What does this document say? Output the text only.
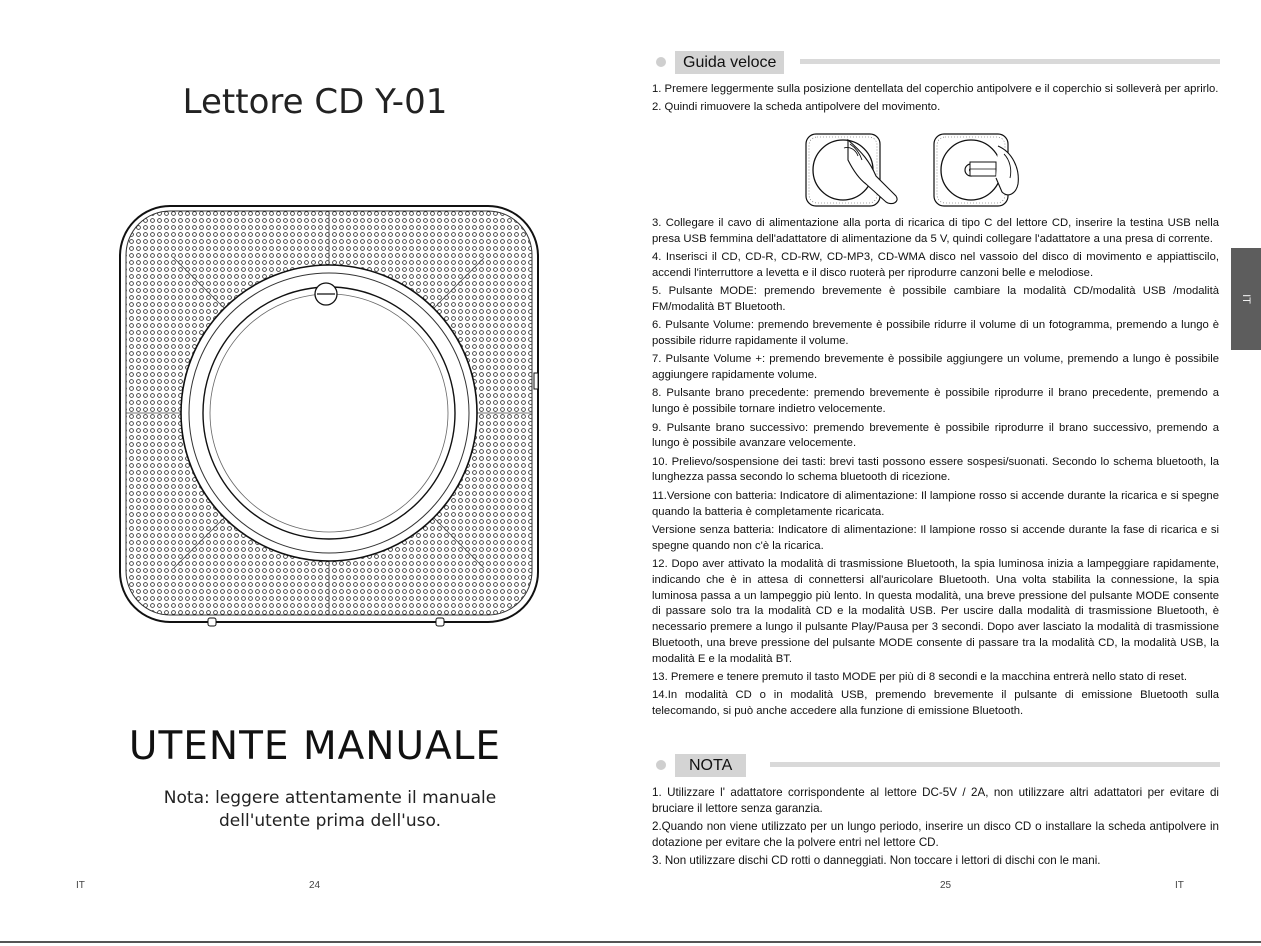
Lettore CD Y-01
UTENTE MANUALE
Nota: leggere attentamente il manuale
dell'utente prima dell'uso.
IT	24
Guida veloce

1. Premere leggermente sulla posizione dentellata del coperchio antipolvere e il coperchio si solleverà per aprirlo.

2. Quindi rimuovere la scheda antipolvere del movimento.

3. Collegare il cavo di alimentazione alla porta di ricarica di tipo C del lettore CD, inserire la testina USB nella presa USB femmina dell'adattatore di alimentazione da 5 V, quindi collegare l'adattatore a una presa di corrente.

4. Inserisci il CD, CD-R, CD-RW, CD-MP3, CD-WMA disco nel vassoio del disco di movimento e appiattiscilo, accendi l'interruttore a levetta e il disco ruoterà per riprodurre canzoni belle e melodiose.

5. Pulsante MODE: premendo brevemente è possibile cambiare la modalità CD/modalità USB /modalità FM/modalità BT Bluetooth.

6. Pulsante Volume: premendo brevemente è possibile ridurre il volume di un fotogramma, premendo a lungo è possibile ridurre rapidamente il volume.

7. Pulsante Volume +: premendo brevemente è possibile aggiungere un volume, premendo a lungo è possibile aggiungere rapidamente volume.

8. Pulsante brano precedente: premendo brevemente è possibile riprodurre il brano precedente, premendo a lungo è possibile tornare indietro velocemente.

9. Pulsante brano successivo: premendo brevemente è possibile riprodurre il brano successivo, premendo a lungo è possibile avanzare velocemente.

10. Prelievo/sospensione dei tasti: brevi tasti possono essere sospesi/suonati. Secondo lo schema bluetooth, la lunghezza passa secondo lo schema bluetooth di ricezione.

11.Versione con batteria: Indicatore di alimentazione: Il lampione rosso si accende durante la ricarica e si spegne quando la batteria è completamente ricaricata.

Versione senza batteria: Indicatore di alimentazione: Il lampione rosso si accende durante la fase di ricarica e si spegne quando non c'è la ricarica.

12. Dopo aver attivato la modalità di trasmissione Bluetooth, la spia luminosa inizia a lampeggiare rapidamente, indicando che è in attesa di connettersi all'auricolare Bluetooth. Una volta stabilita la connessione, la spia luminosa passa a un lampeggio più lento. In questa modalità, una breve pressione del pulsante MODE consente di passare solo tra la modalità CD e la modalità USB. Per uscire dalla modalità di trasmissione Bluetooth, è necessario premere a lungo il pulsante Play/Pausa per 3 secondi. Dopo aver lasciato la modalità di trasmissione Bluetooth, una breve pressione del pulsante MODE consente di passare tra la modalità CD, la modalità USB, la modalità E e la modalità BT.

13. Premere e tenere premuto il tasto MODE per più di 8 secondi e la macchina entrerà nello stato di reset.

14.In modalità CD o in modalità USB, premendo brevemente il pulsante di emissione Bluetooth sulla telecomando, si può anche accedere alla funzione di emissione Bluetooth.

NOTA

1. Utilizzare l' adattatore corrispondente al lettore DC-5V / 2A, non utilizzare altri adattatori per evitare di bruciare il lettore senza garanzia.

2.Quando non viene utilizzato per un lungo periodo, inserire un disco CD o installare la scheda antipolvere in dotazione per evitare che la polvere entri nel lettore CD.

3. Non utilizzare dischi CD rotti o danneggiati. Non toccare i lettori di dischi con le mani.

IT
25	IT
